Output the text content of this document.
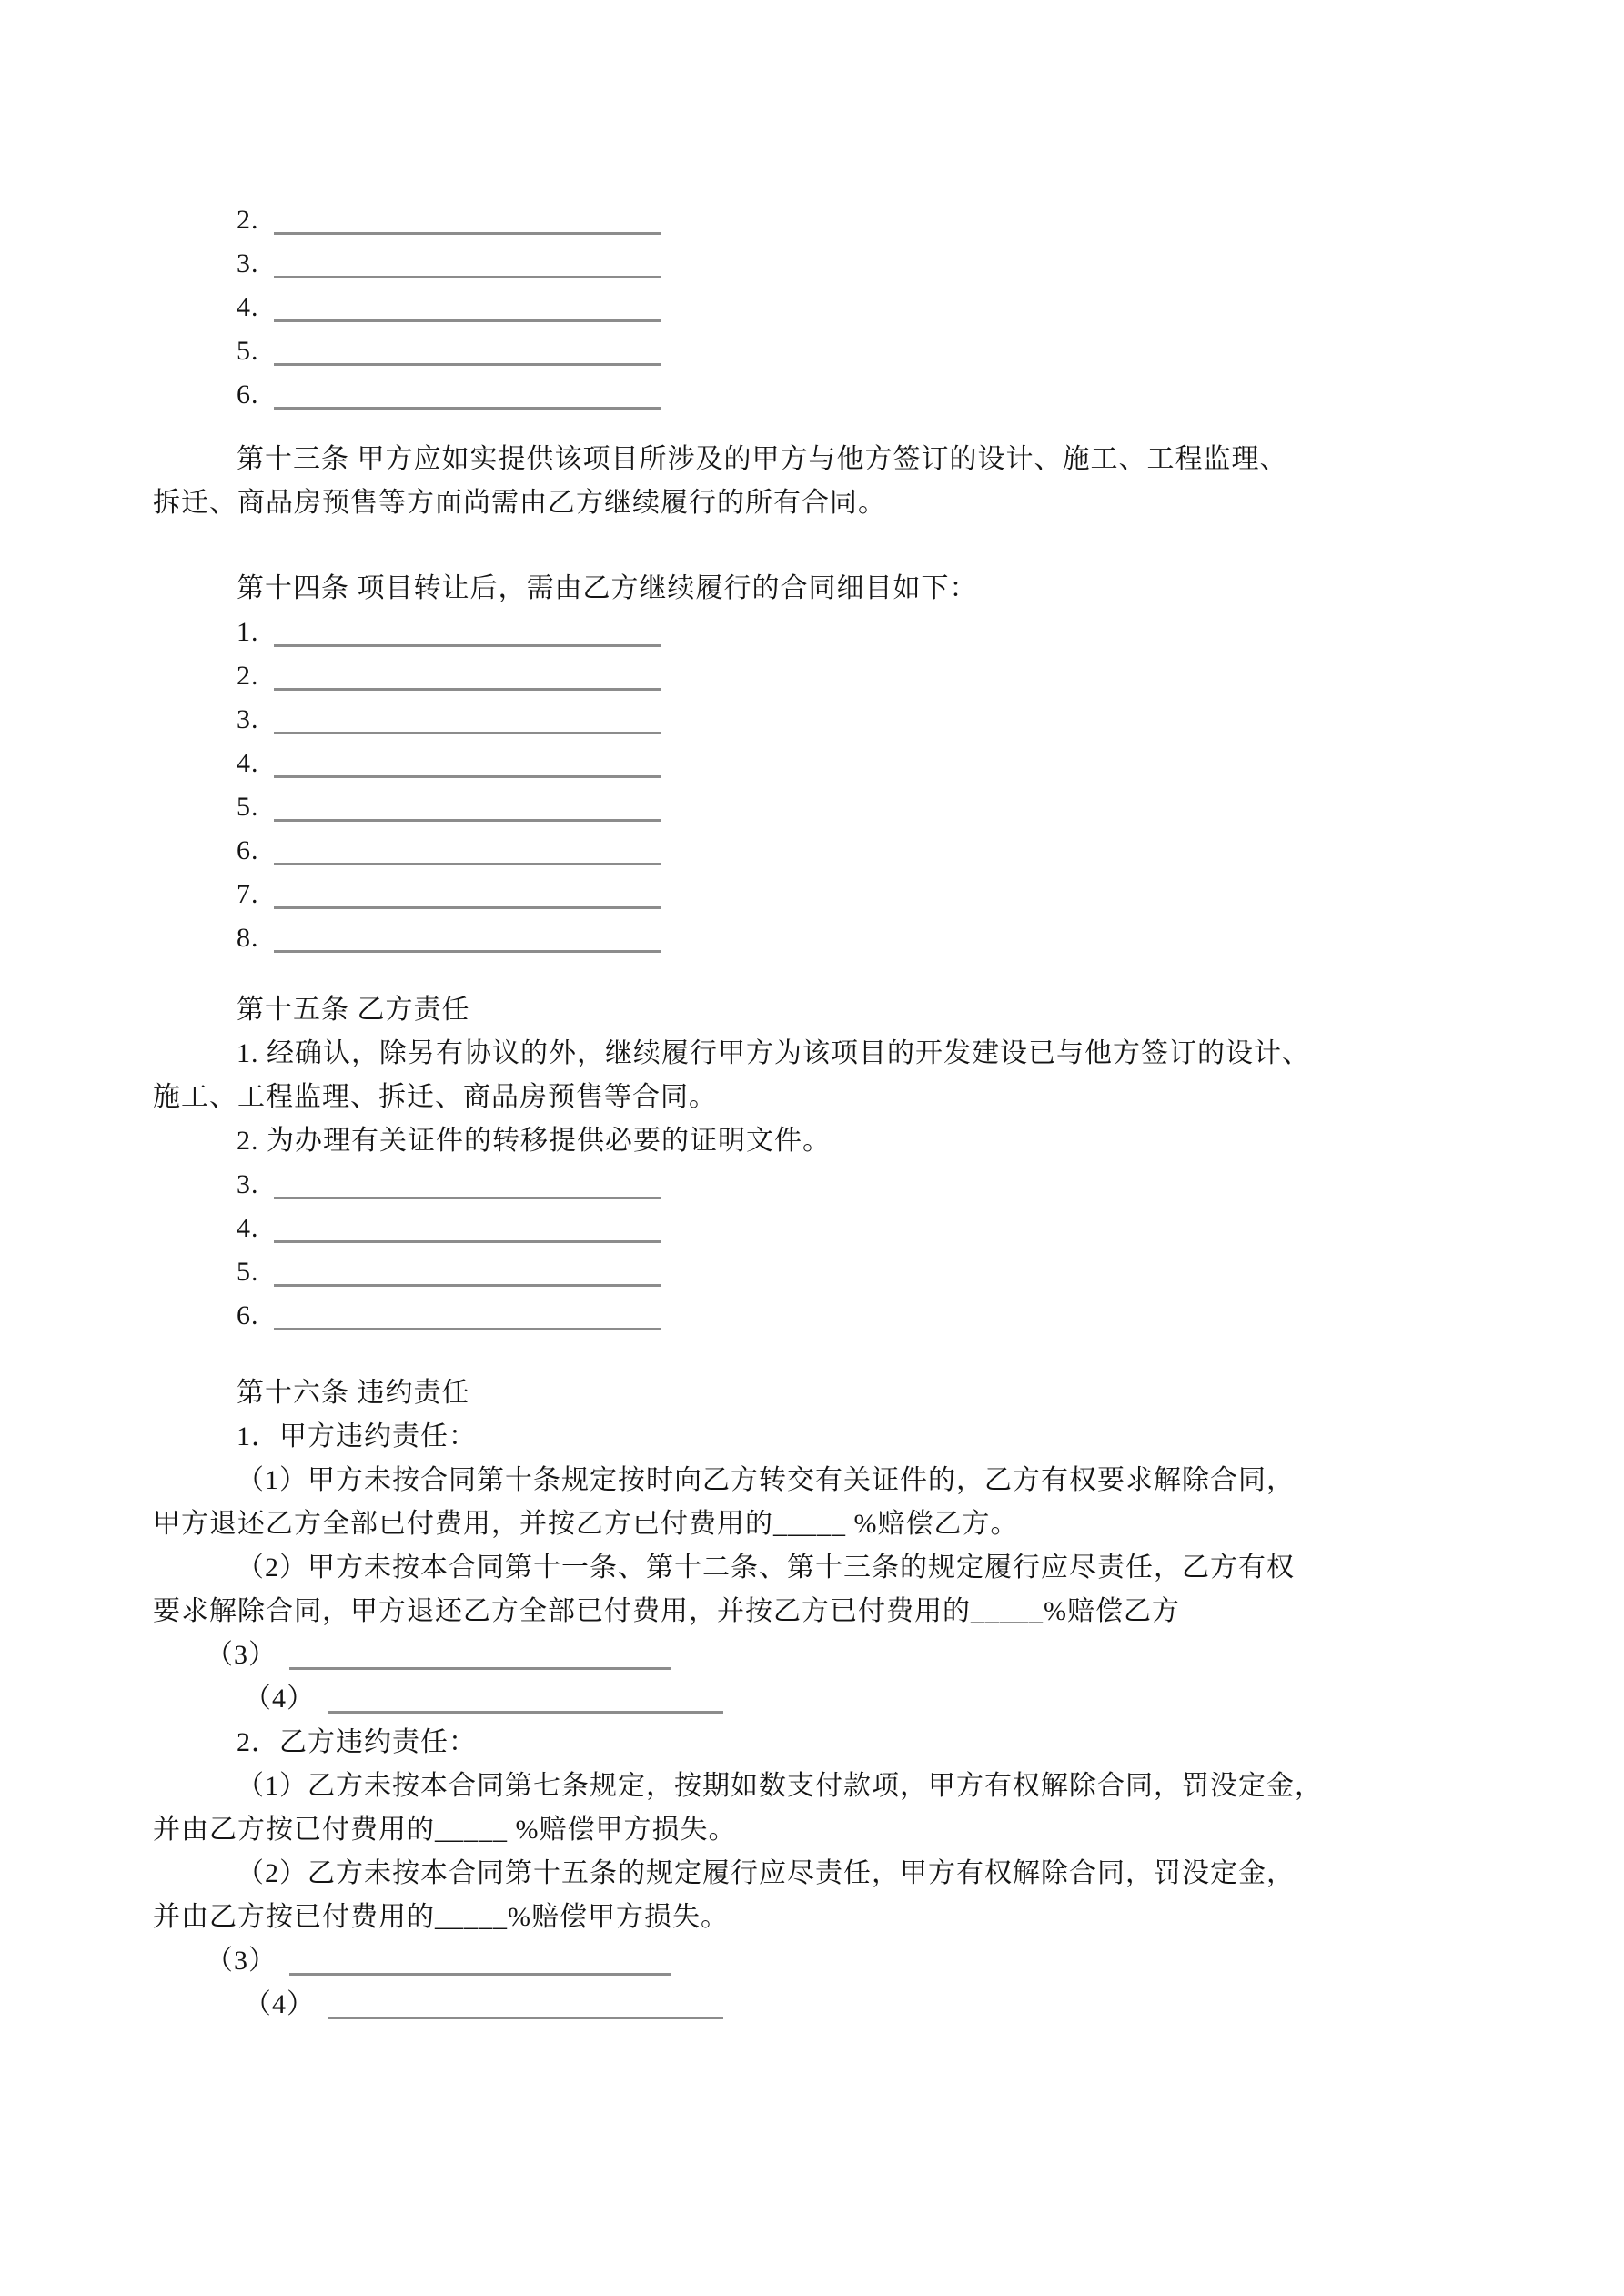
2.

3.

4.

5.

6.

第十三条 甲方应如实提供该项目所涉及的甲方与他方签订的设计、施工、工程监理、

拆迁、商品房预售等方面尚需由乙方继续履行的所有合同。

第十四条 项目转让后，需由乙方继续履行的合同细目如下：

1.

2.

3.

4.

5.

6.

7.

8.

第十五条 乙方责任

1. 经确认，除另有协议的外，继续履行甲方为该项目的开发建设已与他方签订的设计、

施工、工程监理、拆迁、商品房预售等合同。

2. 为办理有关证件的转移提供必要的证明文件。

3.

4.

5.

6.

第十六条 违约责任

1．甲方违约责任：

（1）甲方未按合同第十条规定按时向乙方转交有关证件的，乙方有权要求解除合同，

甲方退还乙方全部已付费用，并按乙方已付费用的_____ %赔偿乙方。

（2）甲方未按本合同第十一条、第十二条、第十三条的规定履行应尽责任，乙方有权

要求解除合同，甲方退还乙方全部已付费用，并按乙方已付费用的_____%赔偿乙方

（3）

（4）

2．乙方违约责任：

（1）乙方未按本合同第七条规定，按期如数支付款项，甲方有权解除合同，罚没定金，

并由乙方按已付费用的_____ %赔偿甲方损失。

（2）乙方未按本合同第十五条的规定履行应尽责任，甲方有权解除合同，罚没定金，

并由乙方按已付费用的_____%赔偿甲方损失。

（3）

（4）
